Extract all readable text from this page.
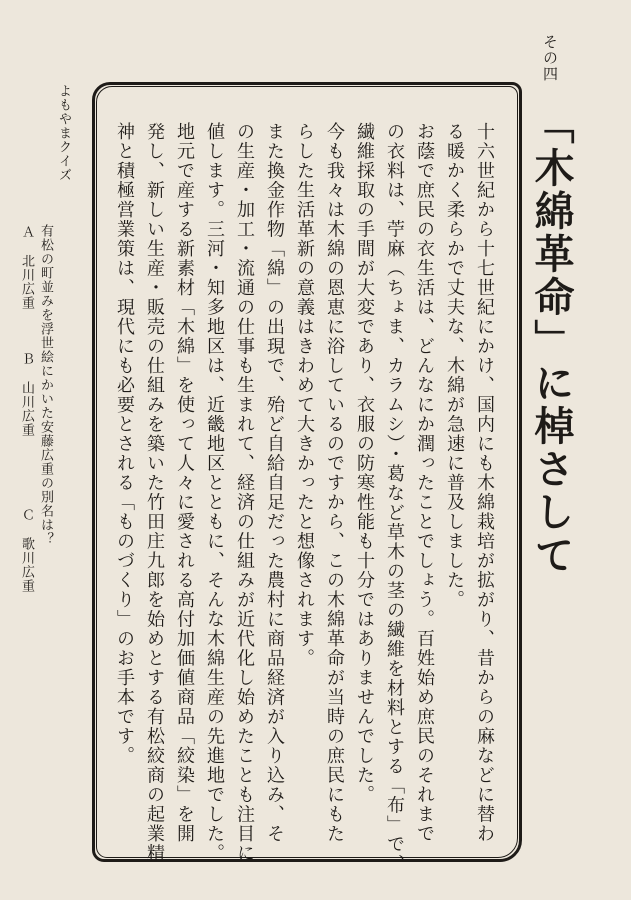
その四
「木綿革命」に棹さして
十六世紀から十七世紀にかけ、国内にも木綿栽培が拡がり、昔からの麻などに替わ
る暖かく柔らかで丈夫な、木綿が急速に普及しました。
お蔭で庶民の衣生活は、どんなにか潤ったことでしょう。百姓始め庶民のそれまで
の衣料は、苧麻（ちょま、カラムシ）・葛など草木の茎の繊維を材料とする「布」で、
繊維採取の手間が大変であり、衣服の防寒性能も十分ではありませんでした。
今も我々は木綿の恩恵に浴しているのですから、この木綿革命が当時の庶民にもた
らした生活革新の意義はきわめて大きかったと想像されます。
また換金作物「綿」の出現で、殆ど自給自足だった農村に商品経済が入り込み、そ
の生産・加工・流通の仕事も生まれて、経済の仕組みが近代化し始めたことも注目に
値します。三河・知多地区は、近畿地区とともに、そんな木綿生産の先進地でした。
地元で産する新素材「木綿」を使って人々に愛される高付加価値商品「絞染」を開
発し、新しい生産・販売の仕組みを築いた竹田庄九郎を始めとする有松絞商の起業精
神と積極営業策は、現代にも必要とされる「ものづくり」のお手本です。
よもやまクイズ
有松の町並みを浮世絵にかいた安藤広重の別名は？
Ａ
北川広重
Ｂ
山川広重
Ｃ
歌川広重
